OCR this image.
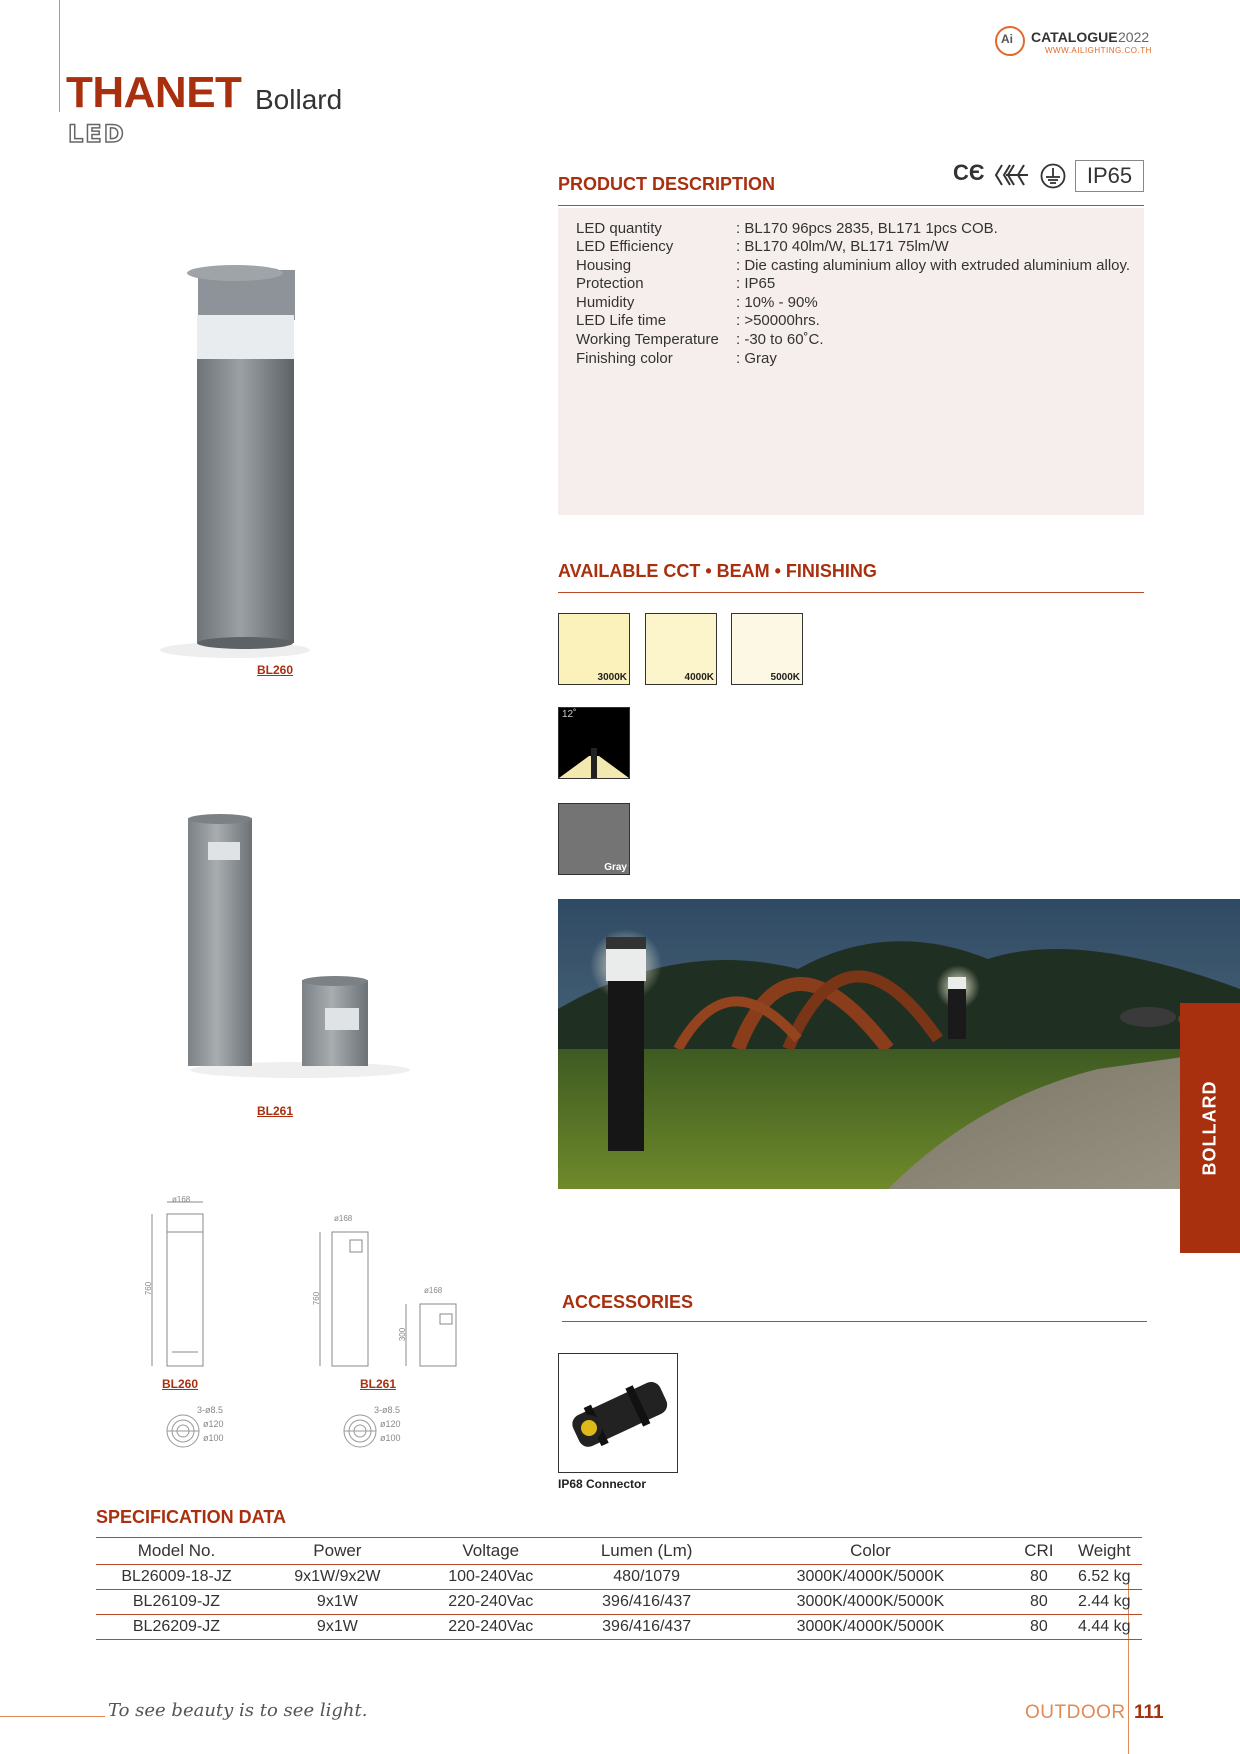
THANET Bollard
LED
Ai CATALOGUE 2022
WWW.AILIGHTING.CO.TH
PRODUCT DESCRIPTION	CЄ	IP65
LED quantity	: BL170 96pcs 2835, BL171 1pcs COB.
LED Efficiency	: BL170 40lm/W, BL171 75lm/W
Housing	: Die casting aluminium alloy with extruded aluminium alloy.
Protection	: IP65
Humidity	: 10% - 90%
LED Life time	: >50000hrs.
Working Temperature : -30 to 60˚C.
Finishing color	: Gray
AVAILABLE CCT • BEAM • FINISHING
3000K	4000K	5000K
12˚
Gray
BL260
BL261
ø168
760
BL260
3-ø8.5
ø120
ø100
ø168
760
ø168
300
BL261
3-ø8.5
ø120
ø100
BOLLARD
ACCESSORIES
IP68 Connector
SPECIFICATION DATA
Model No.	Power	Voltage	Lumen (Lm)	Color	CRI	Weight
BL26009-18-JZ	9x1W/9x2W	100-240Vac	480/1079	3000K/4000K/5000K	80	6.52 kg
BL26109-JZ	9x1W	220-240Vac	396/416/437	3000K/4000K/5000K	80	2.44 kg
BL26209-JZ	9x1W	220-240Vac	396/416/437	3000K/4000K/5000K	80	4.44 kg
To see beauty is to see light.	OUTDOOR 111
